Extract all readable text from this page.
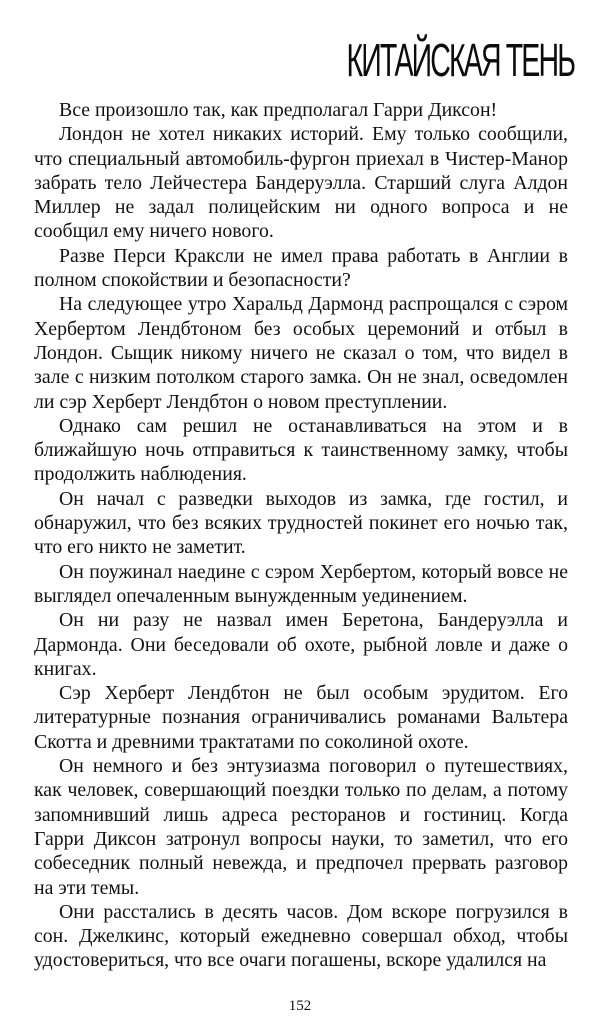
КИТАЙСКАЯ ТЕНЬ

Все произошло так, как предполагал Гарри Диксон!

Лондон не хотел никаких историй. Ему только сообщили, что специальный автомобиль-фургон приехал в Чистер-Манор забрать тело Лейчестера Бандеруэлла. Старший слуга Алдон Миллер не задал полицейским ни одного вопроса и не сообщил ему ничего нового.

Разве Перси Краксли не имел права работать в Англии в полном спокойствии и безопасности?

На следующее утро Харальд Дармонд распрощался с сэром Хербертом Лендбтоном без особых церемоний и отбыл в Лондон. Сыщик никому ничего не сказал о том, что видел в зале с низким потолком старого замка. Он не знал, осведомлен ли сэр Херберт Лендбтон о новом преступлении.

Однако сам решил не останавливаться на этом и в ближайшую ночь отправиться к таинственному замку, чтобы продолжить наблюдения.

Он начал с разведки выходов из замка, где гостил, и обнаружил, что без всяких трудностей покинет его ночью так, что его никто не заметит.

Он поужинал наедине с сэром Хербертом, который вовсе не выглядел опечаленным вынужденным уединением.

Он ни разу не назвал имен Беретона, Бандеруэлла и Дармонда. Они беседовали об охоте, рыбной ловле и даже о книгах.

Сэр Херберт Лендбтон не был особым эрудитом. Его литературные познания ограничивались романами Вальтера Скотта и древними трактатами по соколиной охоте.

Он немного и без энтузиазма поговорил о путешествиях, как человек, совершающий поездки только по делам, а потому запомнивший лишь адреса ресторанов и гостиниц. Когда Гарри Диксон затронул вопросы науки, то заметил, что его собеседник полный невежда, и предпочел прервать разговор на эти темы.

Они расстались в десять часов. Дом вскоре погрузился в сон. Джелкинс, который ежедневно совершал обход, чтобы удостовериться, что все очаги погашены, вскоре удалился на

152
